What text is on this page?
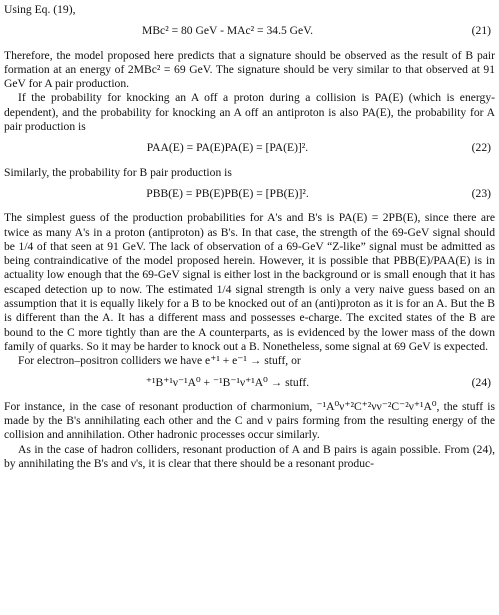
Using Eq. (19),

MBc² = 80 GeV - MAc² = 34.5 GeV.	(21)

Therefore, the model proposed here predicts that a signature should be observed as the result of B pair formation at an energy of 2MBc² = 69 GeV. The signature should be very similar to that observed at 91 GeV for A pair production.

If the probability for knocking an A off a proton during a collision is PA(E) (which is energy-dependent), and the probability for knocking an A off an antiproton is also PA(E), the probability for A pair production is

PAA(E) = PA(E)PA(E) = [PA(E)]².	(22)

Similarly, the probability for B pair production is

PBB(E) = PB(E)PB(E) = [PB(E)]².	(23)

The simplest guess of the production probabilities for A's and B's is PA(E) = 2PB(E), since there are twice as many A's in a proton (antiproton) as B's. In that case, the strength of the 69-GeV signal should be 1/4 of that seen at 91 GeV. The lack of observation of a 69-GeV “Z-like” signal must be admitted as being contraindicative of the model proposed herein. However, it is possible that PBB(E)/PAA(E) is in actuality low enough that the 69-GeV signal is either lost in the background or is small enough that it has escaped detection up to now. The estimated 1/4 signal strength is only a very naive guess based on an assumption that it is equally likely for a B to be knocked out of an (anti)proton as it is for an A. But the B is different than the A. It has a different mass and possesses e-charge. The excited states of the B are bound to the C more tightly than are the A counterparts, as is evidenced by the lower mass of the down family of quarks. So it may be harder to knock out a B. Nonetheless, some signal at 69 GeV is expected.

For electron–positron colliders we have e⁺¹ + e⁻¹ → stuff, or

⁺¹B⁺¹ν⁻¹A⁰ + ⁻¹B⁻¹ν⁺¹A⁰ → stuff.	(24)

For instance, in the case of resonant production of charmonium, ⁻¹A⁰ν⁺²C⁺²νν⁻²C⁻²ν⁺¹A⁰, the stuff is made by the B's annihilating each other and the C and ν pairs forming from the resulting energy of the collision and annihilation. Other hadronic processes occur similarly.

As in the case of hadron colliders, resonant production of A and B pairs is again possible. From (24), by annihilating the B's and ν's, it is clear that there should be a resonant produc-
